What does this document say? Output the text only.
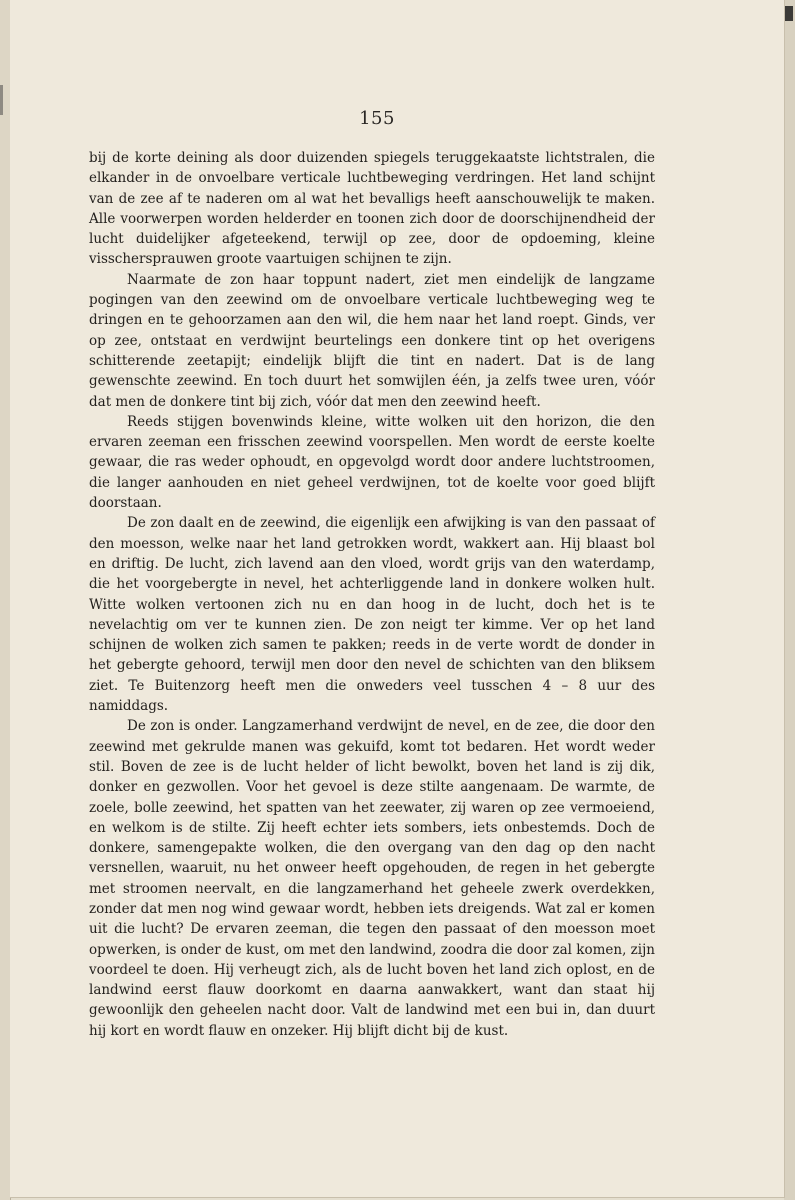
155

bij de korte deining als door duizenden spiegels teruggekaatste lichtstralen, die elkander in de onvoelbare verticale luchtbeweging verdringen. Het land schijnt van de zee af te naderen om al wat het bevalligs heeft aanschouwelijk te maken. Alle voorwerpen worden helderder en toonen zich door de doorschijnendheid der lucht duidelijker afgeteekend, terwijl op zee, door de opdoeming, kleine visschersprauwen groote vaartuigen schijnen te zijn.

Naarmate de zon haar toppunt nadert, ziet men eindelijk de langzame pogingen van den zeewind om de onvoelbare verticale luchtbeweging weg te dringen en te gehoorzamen aan den wil, die hem naar het land roept. Ginds, ver op zee, ontstaat en verdwijnt beurtelings een donkere tint op het overigens schitterende zeetapijt; eindelijk blijft die tint en nadert. Dat is de lang gewenschte zeewind. En toch duurt het somwijlen één, ja zelfs twee uren, vóór dat men de donkere tint bij zich, vóór dat men den zeewind heeft.

Reeds stijgen bovenwinds kleine, witte wolken uit den horizon, die den ervaren zeeman een frisschen zeewind voorspellen. Men wordt de eerste koelte gewaar, die ras weder ophoudt, en opgevolgd wordt door andere luchtstroomen, die langer aanhouden en niet geheel verdwijnen, tot de koelte voor goed blijft doorstaan.

De zon daalt en de zeewind, die eigenlijk een afwijking is van den passaat of den moesson, welke naar het land getrokken wordt, wakkert aan. Hij blaast bol en driftig. De lucht, zich lavend aan den vloed, wordt grijs van den waterdamp, die het voorgebergte in nevel, het achterliggende land in donkere wolken hult. Witte wolken vertoonen zich nu en dan hoog in de lucht, doch het is te nevelachtig om ver te kunnen zien. De zon neigt ter kimme. Ver op het land schijnen de wolken zich samen te pakken; reeds in de verte wordt de donder in het gebergte gehoord, terwijl men door den nevel de schichten van den bliksem ziet. Te Buitenzorg heeft men die onweders veel tusschen 4 – 8 uur des namiddags.

De zon is onder. Langzamerhand verdwijnt de nevel, en de zee, die door den zeewind met gekrulde manen was gekuifd, komt tot bedaren. Het wordt weder stil. Boven de zee is de lucht helder of licht bewolkt, boven het land is zij dik, donker en gezwollen. Voor het gevoel is deze stilte aangenaam. De warmte, de zoele, bolle zeewind, het spatten van het zeewater, zij waren op zee vermoeiend, en welkom is de stilte. Zij heeft echter iets sombers, iets onbestemds. Doch de donkere, samengepakte wolken, die den overgang van den dag op den nacht versnellen, waaruit, nu het onweer heeft opgehouden, de regen in het gebergte met stroomen neervalt, en die langzamerhand het geheele zwerk overdekken, zonder dat men nog wind gewaar wordt, hebben iets dreigends. Wat zal er komen uit die lucht? De ervaren zeeman, die tegen den passaat of den moesson moet opwerken, is onder de kust, om met den landwind, zoodra die door zal komen, zijn voordeel te doen. Hij verheugt zich, als de lucht boven het land zich oplost, en de landwind eerst flauw doorkomt en daarna aanwakkert, want dan staat hij gewoonlijk den geheelen nacht door. Valt de landwind met een bui in, dan duurt hij kort en wordt flauw en onzeker. Hij blijft dicht bij de kust.
